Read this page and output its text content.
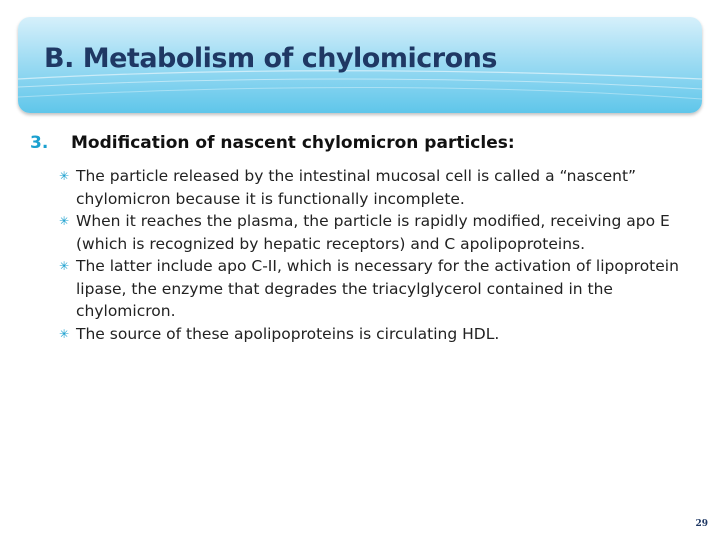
B. Metabolism of chylomicrons
3.	Modification of nascent chylomicron particles:
✳ The particle released by the intestinal mucosal cell is called a “nascent” chylomicron because it is functionally incomplete.
✳ When it reaches the plasma, the particle is rapidly modified, receiving apo E (which is recognized by hepatic receptors) and C apolipoproteins.
✳ The latter include apo C-II, which is necessary for the activation of lipoprotein lipase, the enzyme that degrades the triacylglycerol contained in the chylomicron.
✳ The source of these apolipoproteins is circulating HDL.
29
